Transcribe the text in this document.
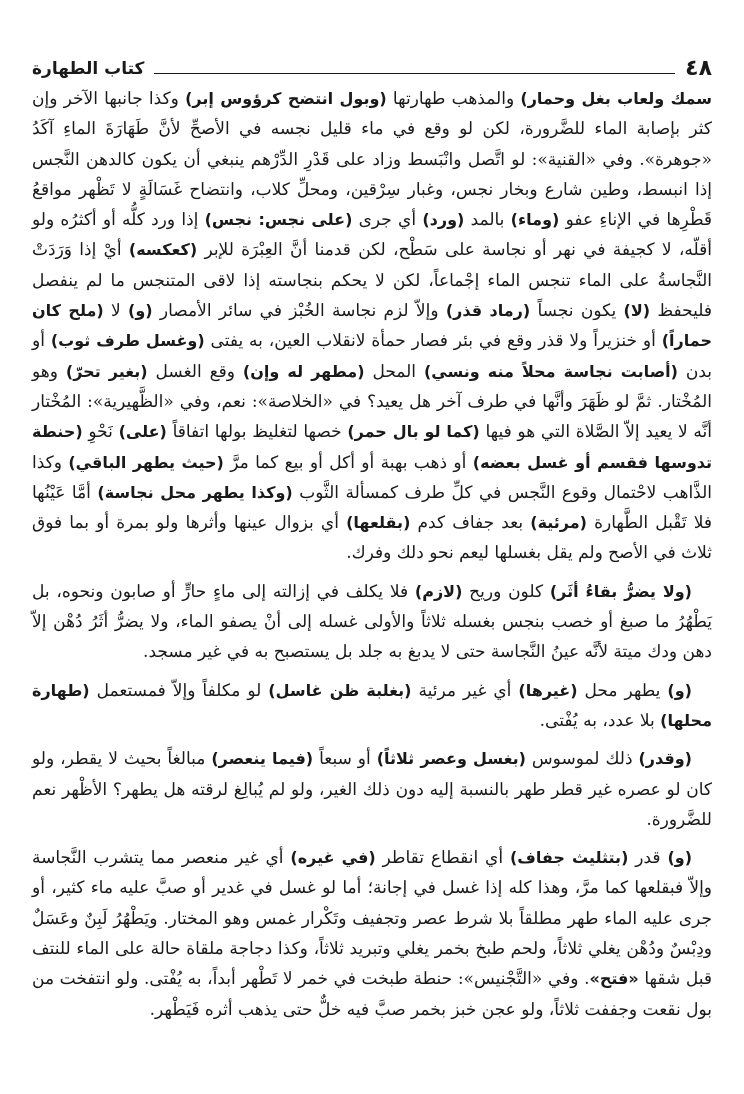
٤٨
كتاب الطهارة

سمك ولعاب بغل وحمار) والمذهب طهارتها (وبول انتضح كرؤوس إبر) وكذا جانبها الآخر وإن كثر بإصابة الماء للضَّرورة، لكن لو وقع في ماء قليل نجسه في الأصحِّ لأنَّ طَهَارَةَ الماءِ آكَدُ «جوهرة». وفي «القنية»: لو اتَّصل وانْبَسط وزاد على قَدْرِ الدِّرْهم ينبغي أن يكون كالدهن النَّجس إذا انبسط، وطين شارع وبخار نجس، وغبار سِرْقين، ومحلِّ كلاب، وانتضاح غَسَالَةٍ لا تَظْهر مواقعُ قَطْرِها في الإناءِ عفو (وماء) بالمد (ورد) أي جرى (على نجس: نجس) إذا ورد كلُّه أو أكثرُه ولو أقلّه، لا كجيفة في نهر أو نجاسة على سَطْح، لكن قدمنا أنَّ العِبْرَة للإبر (كعكسه) أيْ إذا وَرَدَتْ النَّجاسةُ على الماء تنجس الماء إجْماعاً، لكن لا يحكم بنجاسته إذا لاقى المتنجس ما لم ينفصل فليحفظ (لا) يكون نجساً (رماد قذر) وإلاّ لزم نجاسة الخُبْز في سائر الأمصار (و) لا (ملح كان حماراً) أو خنزيراً ولا قذر وقع في بئر فصار حمأة لانقلاب العين، به يفتى (وغسل طرف ثوب) أو بدن (أصابت نجاسة محلاً منه ونسي) المحل (مطهر له وإن) وقع الغسل (بغير تحرّ) وهو المُخْتار. ثمَّ لو ظَهَرَ وأنَّها في طرف آخر هل يعيد؟ في «الخلاصة»: نعم، وفي «الظَّهيرية»: المُخْتار أنَّه لا يعيد إلاّ الصَّلاة التي هو فيها (كما لو بال حمر) خصها لتغليظ بولها اتفاقاً (على) نَحْوِ (حنطة تدوسها فقسم أو غسل بعضه) أو ذهب بهبة أو أكل أو بيع كما مرَّ (حيث يطهر الباقي) وكذا الذَّاهب لاحْتمال وقوع النَّجس في كلِّ طرف كمسألة الثَّوب (وكذا يطهر محل نجاسة) أمَّا عَيْنُها فلا تَقْبل الطَّهارة (مرئية) بعد جفاف كدم (بقلعها) أي بزوال عينها وأثرها ولو بمرة أو بما فوق ثلاث في الأصح ولم يقل بغسلها ليعم نحو دلك وفرك.

(ولا يضرُّ بقاءُ أثَر) كلون وريح (لازم) فلا يكلف في إزالته إلى ماءٍ حارٍّ أو صابون ونحوه، بل يَطْهُرُ ما صبغ أو خصب بنجس بغسله ثلاثاً والأولى غسله إلى أنْ يصفو الماء، ولا يضرُّ أثَرُ دُهْن إلاّ دهن ودك ميتة لأنَّه عينُ النَّجاسة حتى لا يدبغ به جلد بل يستصبح به في غير مسجد.

(و) يطهر محل (غيرها) أي غير مرئية (بغلبة ظن غاسل) لو مكلفاً وإلاّ فمستعمل (طهارة محلها) بلا عدد، به يُفْتى.

(وقدر) ذلك لموسوس (بغسل وعصر ثلاثاً) أو سبعاً (فيما ينعصر) مبالغاً بحيث لا يقطر، ولو كان لو عصره غير قطر طهر بالنسبة إليه دون ذلك الغير، ولو لم يُبالِغ لرقته هل يطهر؟ الأظْهر نعم للضَّرورة.

(و) قدر (بتثليث جفاف) أي انقطاع تقاطر (في غيره) أي غير منعصر مما يتشرب النَّجاسة وإلاّ فبقلعها كما مرَّ، وهذا كله إذا غسل في إجانة؛ أما لو غسل في غدير أو صبَّ عليه ماء كثير، أو جرى عليه الماء طهر مطلقاً بلا شرط عصر وتجفيف وتَكْرار غمس وهو المختار. ويَطْهُرُ لَبِنٌ وعَسَلٌ ودِبْسٌ ودُهْن يغلي ثلاثاً، ولحم طبخ بخمر يغلي وتبريد ثلاثاً، وكذا دجاجة ملقاة حالة على الماء للنتف قبل شقها «فتح». وفي «التَّجْنيس»: حنطة طبخت في خمر لا تَطْهر أبداً، به يُفْتى. ولو انتفخت من بول نقعت وجففت ثلاثاً، ولو عجن خبز بخمر صبَّ فيه خلٌّ حتى يذهب أثره فَيَطْهر.
